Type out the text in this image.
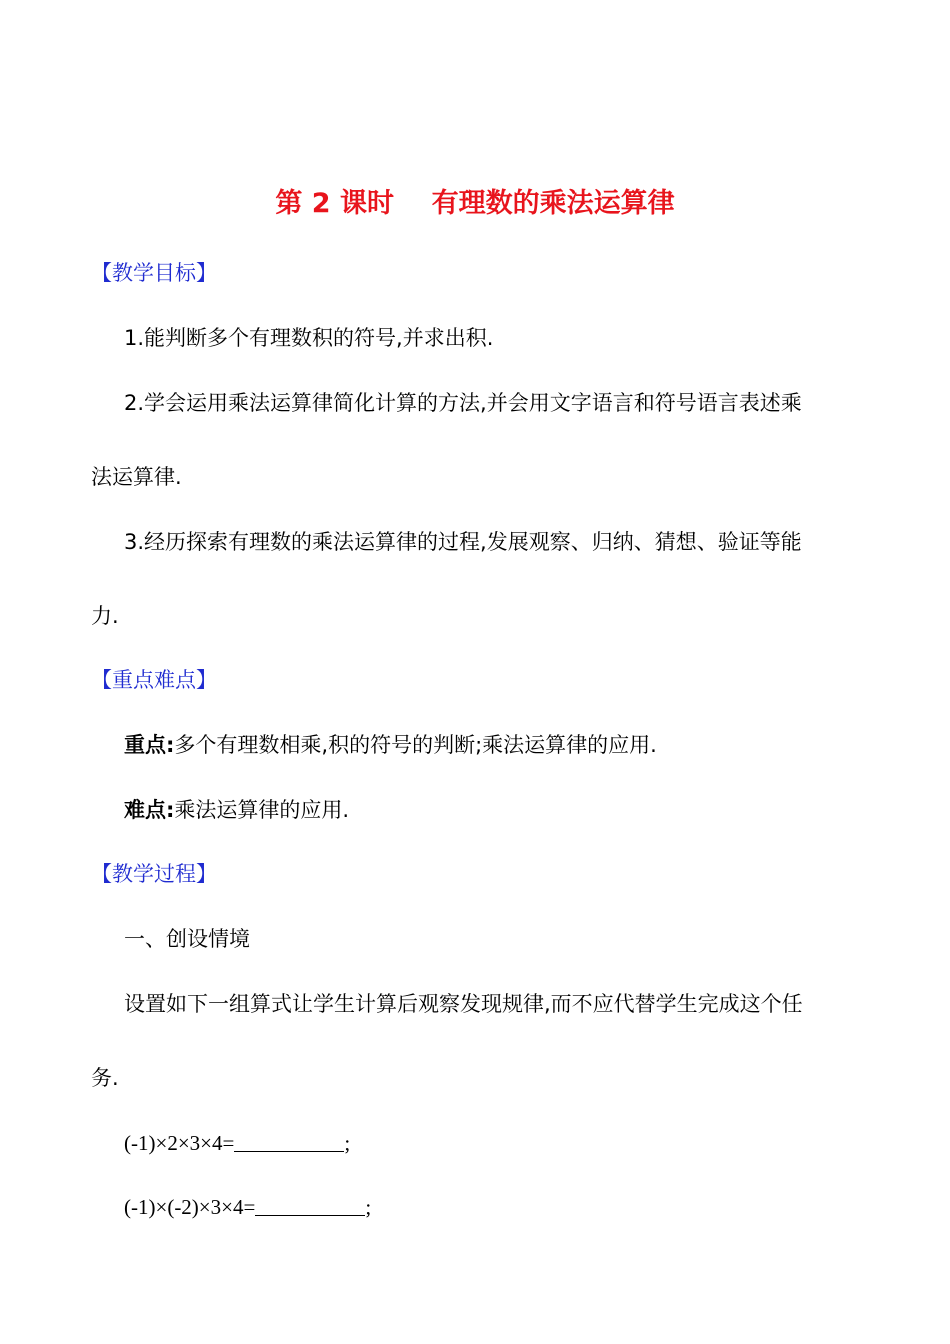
第 2 课时    有理数的乘法运算律
【教学目标】
1.能判断多个有理数积的符号,并求出积.
2.学会运用乘法运算律简化计算的方法,并会用文字语言和符号语言表述乘
法运算律.
3.经历探索有理数的乘法运算律的过程,发展观察、归纳、猜想、验证等能
力.
【重点难点】
重点:多个有理数相乘,积的符号的判断;乘法运算律的应用.
难点:乘法运算律的应用.
【教学过程】
一、创设情境
设置如下一组算式让学生计算后观察发现规律,而不应代替学生完成这个任
务.
(-1)×2×3×4=	;
(-1)×(-2)×3×4=	;
